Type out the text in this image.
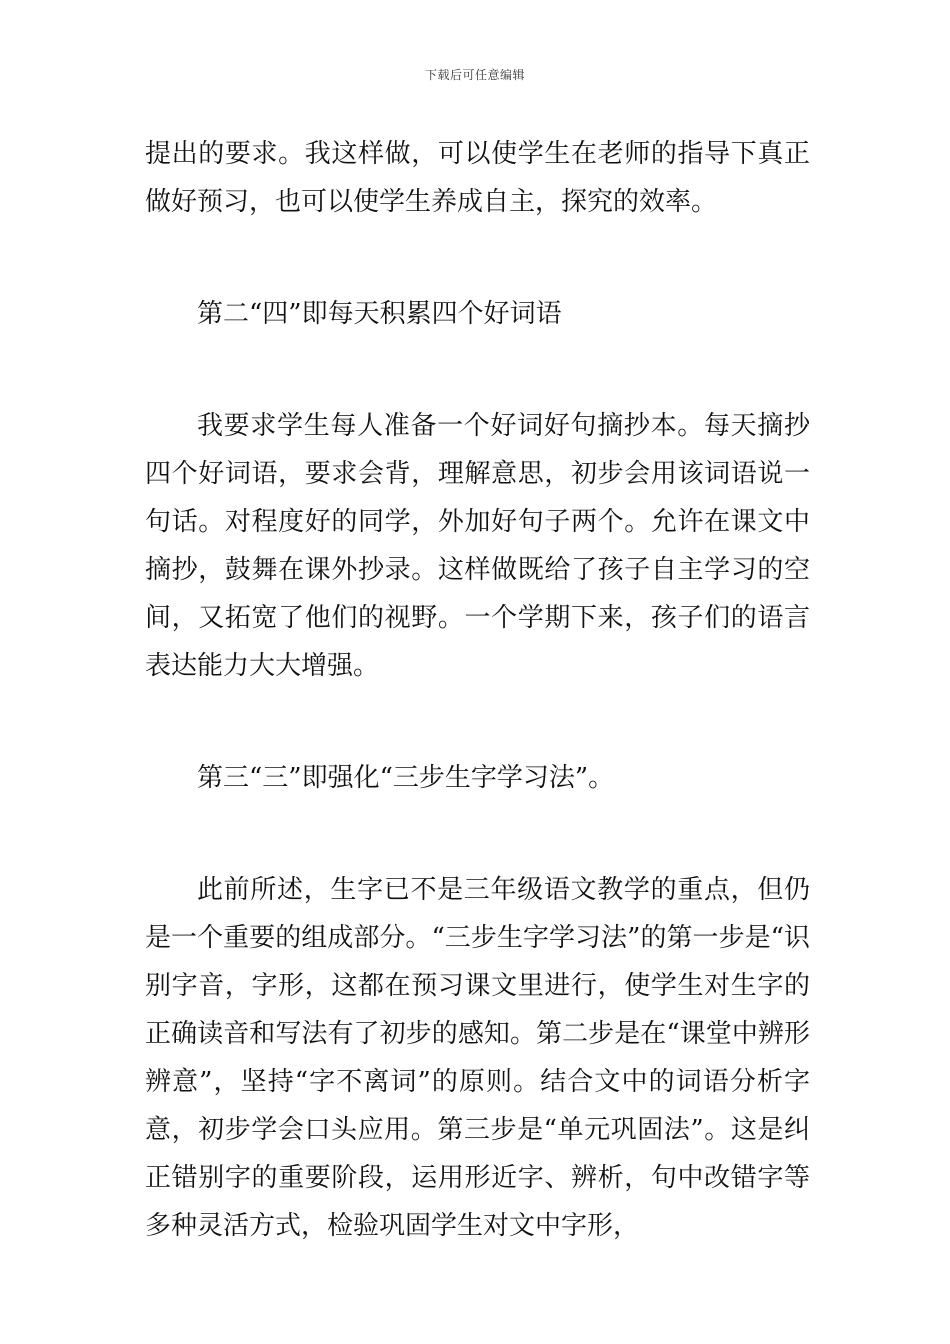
下载后可任意编辑

提出的要求。我这样做，可以使学生在老师的指导下真正做好预习，也可以使学生养成自主，探究的效率。

第二“四”即每天积累四个好词语

我要求学生每人准备一个好词好句摘抄本。每天摘抄四个好词语，要求会背，理解意思，初步会用该词语说一句话。对程度好的同学，外加好句子两个。允许在课文中摘抄，鼓舞在课外抄录。这样做既给了孩子自主学习的空间，又拓宽了他们的视野。一个学期下来，孩子们的语言表达能力大大增强。

第三“三”即强化“三步生字学习法”。

此前所述，生字已不是三年级语文教学的重点，但仍是一个重要的组成部分。“三步生字学习法”的第一步是“识别字音，字形，这都在预习课文里进行，使学生对生字的正确读音和写法有了初步的感知。第二步是在“课堂中辨形辨意”，坚持“字不离词”的原则。结合文中的词语分析字意，初步学会口头应用。第三步是“单元巩固法”。这是纠正错别字的重要阶段，运用形近字、辨析，句中改错字等多种灵活方式，检验巩固学生对文中字形，
